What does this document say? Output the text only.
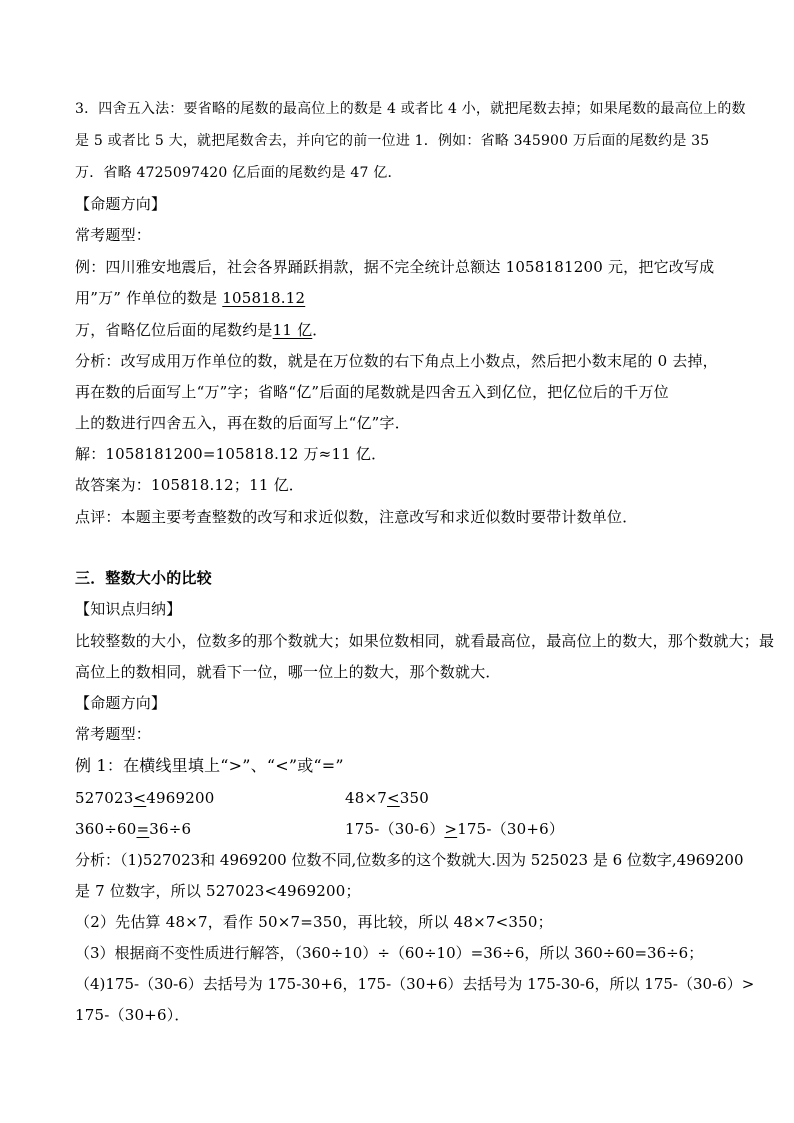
3．四舍五入法：要省略的尾数的最高位上的数是 4 或者比 4 小，就把尾数去掉；如果尾数的最高位上的数
是 5 或者比 5 大，就把尾数舍去，并向它的前一位进 1．例如：省略 345900 万后面的尾数约是 35
万．省略 4725097420 亿后面的尾数约是 47 亿．
【命题方向】
常考题型：
例：四川雅安地震后，社会各界踊跃捐款，据不完全统计总额达 1058181200 元，把它改写成
用”万” 作单位的数是 105818.12
万，省略亿位后面的尾数约是11 亿．
分析：改写成用万作单位的数，就是在万位数的右下角点上小数点，然后把小数末尾的 0 去掉，
再在数的后面写上“万”字；省略“亿”后面的尾数就是四舍五入到亿位，把亿位后的千万位
上的数进行四舍五入，再在数的后面写上“亿”字．
解：1058181200=105818.12 万≈11 亿．
故答案为：105818.12；11 亿．
点评：本题主要考查整数的改写和求近似数，注意改写和求近似数时要带计数单位．
三．整数大小的比较
【知识点归纳】
比较整数的大小，位数多的那个数就大；如果位数相同，就看最高位，最高位上的数大，那个数就大；最
高位上的数相同，就看下一位，哪一位上的数大，那个数就大．
【命题方向】
常考题型：
例 1：在横线里填上“>”、“<”或“=”
527023<4969200	48×7<350
360÷60=36÷6	175-（30-6）>175-（30+6）
分析：（1)527023和 4969200 位数不同,位数多的这个数就大.因为 525023 是 6 位数字,4969200
是 7 位数字，所以 527023<4969200；
（2）先估算 48×7，看作 50×7=350，再比较，所以 48×7<350；
（3）根据商不变性质进行解答，（360÷10）÷（60÷10）=36÷6，所以 360÷60=36÷6；
（4)175-（30-6）去括号为 175-30+6，175-（30+6）去括号为 175-30-6，所以 175-（30-6）>
175-（30+6）．
